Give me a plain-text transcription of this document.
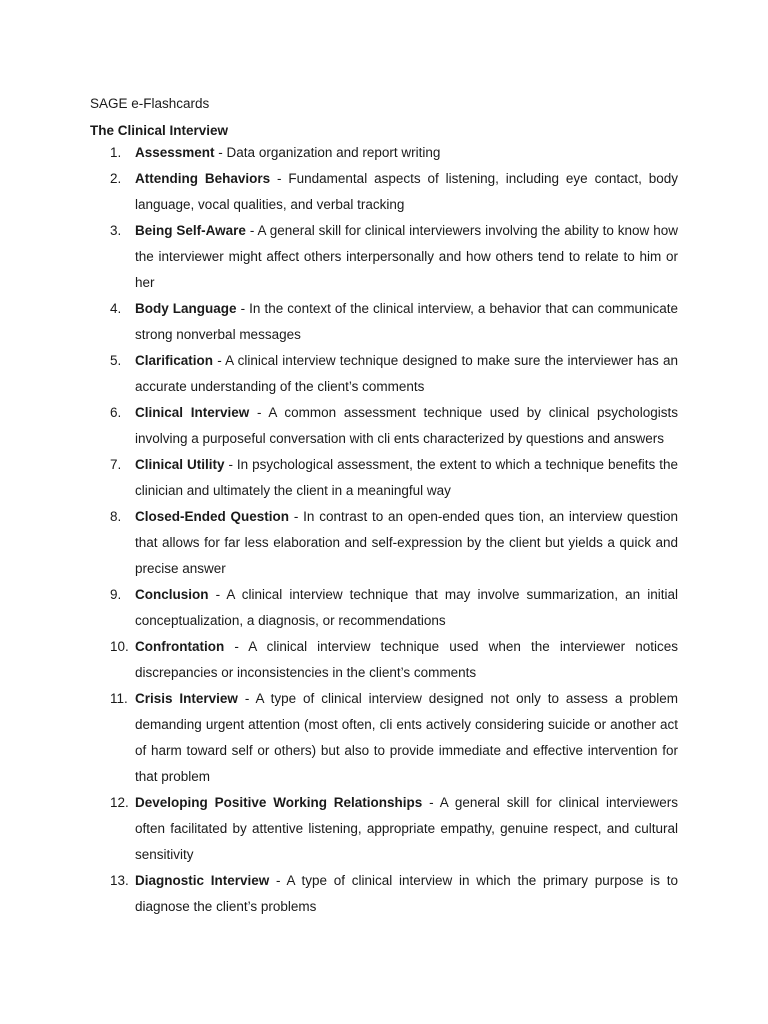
SAGE e-Flashcards
The Clinical Interview
1.	Assessment - Data organization and report writing
2.	Attending Behaviors - Fundamental aspects of listening, including eye contact, body language, vocal qualities, and verbal tracking
3.	Being Self-Aware - A general skill for clinical interviewers involving the ability to know how the interviewer might affect others interpersonally and how others tend to relate to him or her
4.	Body Language - In the context of the clinical interview, a behavior that can communicate strong nonverbal messages
5.	Clarification - A clinical interview technique designed to make sure the interviewer has an accurate understanding of the client’s comments
6.	Clinical Interview - A common assessment technique used by clinical psychologists involving a purposeful conversation with cli ents characterized by questions and answers
7.	Clinical Utility - In psychological assessment, the extent to which a technique benefits the clinician and ultimately the client in a meaningful way
8.	Closed-Ended Question - In contrast to an open-ended ques tion, an interview question that allows for far less elaboration and self-expression by the client but yields a quick and precise answer
9.	Conclusion - A clinical interview technique that may involve summarization, an initial conceptualization, a diagnosis, or recommendations
10. Confrontation - A clinical interview technique used when the interviewer notices discrepancies or inconsistencies in the client’s comments
11. Crisis Interview - A type of clinical interview designed not only to assess a problem demanding urgent attention (most often, cli ents actively considering suicide or another act of harm toward self or others) but also to provide immediate and effective intervention for that problem
12. Developing Positive Working Relationships - A general skill for clinical interviewers often facilitated by attentive listening, appropriate empathy, genuine respect, and cultural sensitivity
13. Diagnostic Interview - A type of clinical interview in which the primary purpose is to diagnose the client’s problems
